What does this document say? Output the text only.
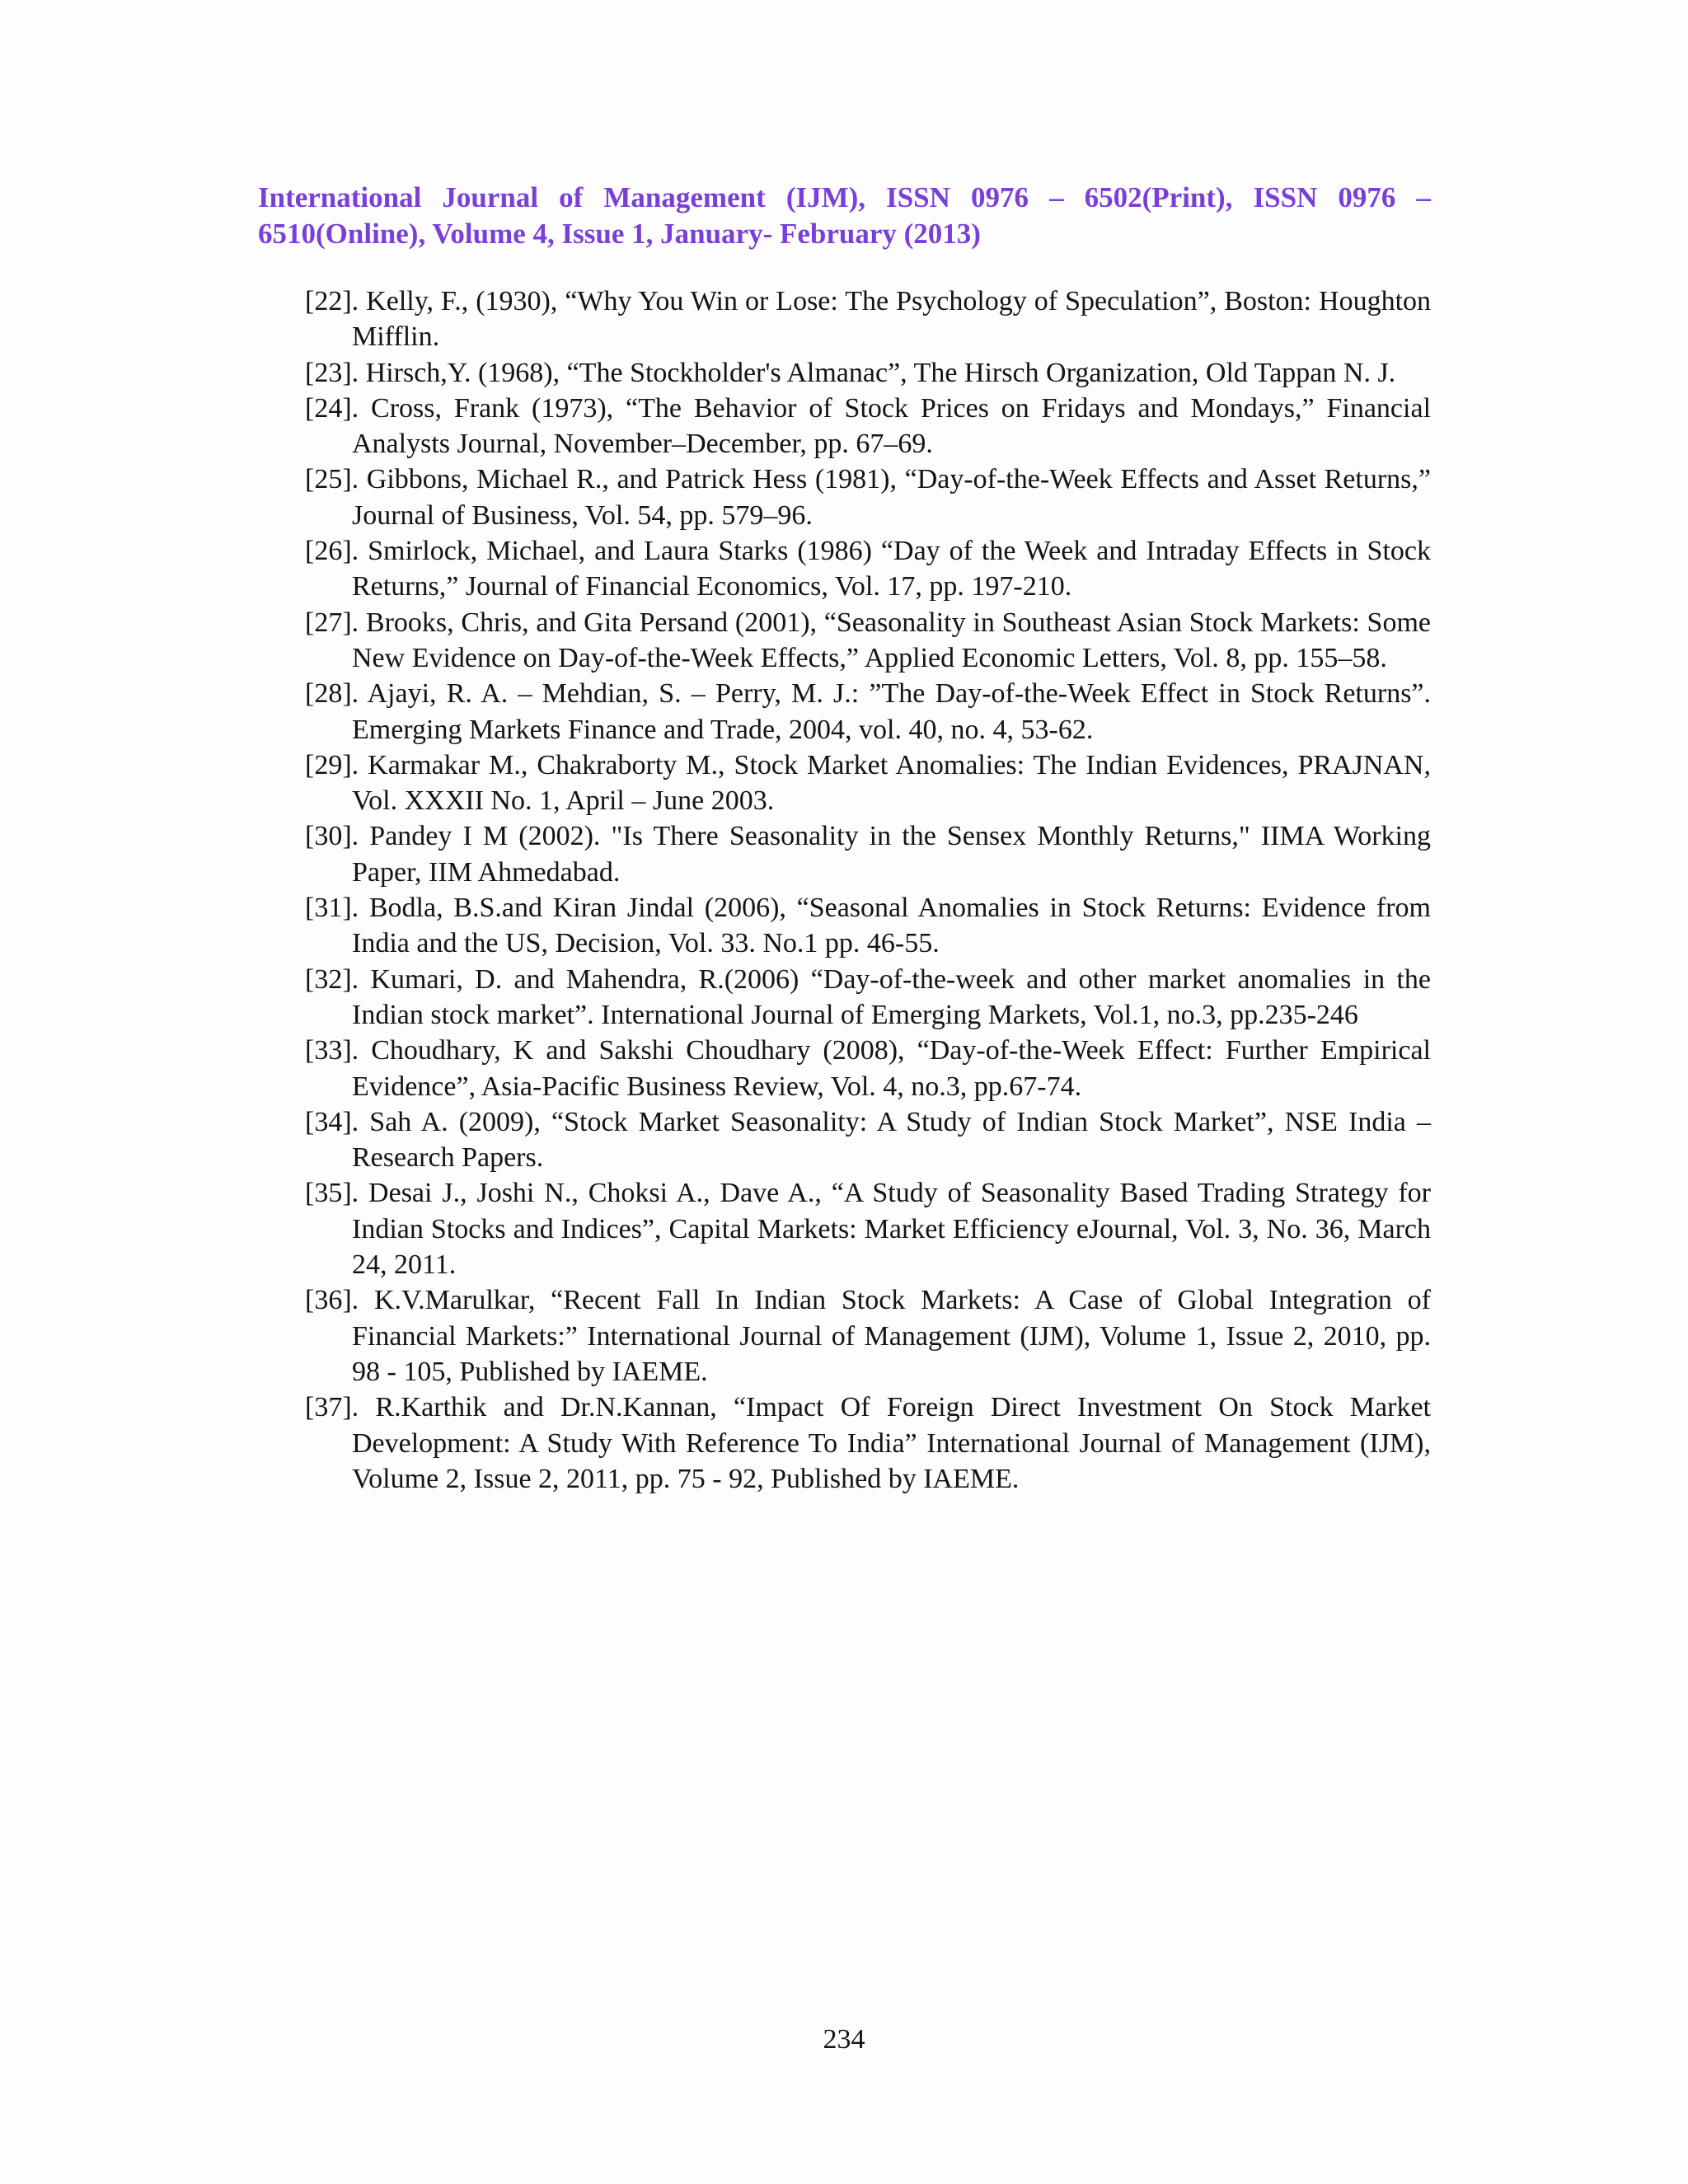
International Journal of Management (IJM), ISSN 0976 – 6502(Print), ISSN 0976 –
6510(Online), Volume 4, Issue 1, January- February (2013)
[22]. Kelly, F., (1930), “Why You Win or Lose: The Psychology of Speculation”, Boston: Houghton Mifflin.
[23]. Hirsch,Y. (1968), “The Stockholder's Almanac”, The Hirsch Organization, Old Tappan N. J.
[24]. Cross, Frank (1973), “The Behavior of Stock Prices on Fridays and Mondays,” Financial Analysts Journal, November–December, pp. 67–69.
[25]. Gibbons, Michael R., and Patrick Hess (1981), “Day-of-the-Week Effects and Asset Returns,” Journal of Business, Vol. 54, pp. 579–96.
[26]. Smirlock, Michael, and Laura Starks (1986) “Day of the Week and Intraday Effects in Stock Returns,” Journal of Financial Economics, Vol. 17, pp. 197-210.
[27]. Brooks, Chris, and Gita Persand (2001), “Seasonality in Southeast Asian Stock Markets: Some New Evidence on Day-of-the-Week Effects,” Applied Economic Letters, Vol. 8, pp. 155–58.
[28]. Ajayi, R. A. – Mehdian, S. – Perry, M. J.: ”The Day-of-the-Week Effect in Stock Returns”. Emerging Markets Finance and Trade, 2004, vol. 40, no. 4, 53-62.
[29]. Karmakar M., Chakraborty M., Stock Market Anomalies: The Indian Evidences, PRAJNAN, Vol. XXXII No. 1, April – June 2003.
[30]. Pandey I M (2002). "Is There Seasonality in the Sensex Monthly Returns," IIMA Working Paper, IIM Ahmedabad.
[31]. Bodla, B.S.and Kiran Jindal (2006), “Seasonal Anomalies in Stock Returns: Evidence from India and the US, Decision, Vol. 33. No.1 pp. 46-55.
[32]. Kumari, D. and Mahendra, R.(2006) “Day-of-the-week and other market anomalies in the Indian stock market”. International Journal of Emerging Markets, Vol.1, no.3, pp.235-246
[33]. Choudhary, K and Sakshi Choudhary (2008), “Day-of-the-Week Effect: Further Empirical Evidence”, Asia-Pacific Business Review, Vol. 4, no.3, pp.67-74.
[34]. Sah A. (2009), “Stock Market Seasonality: A Study of Indian Stock Market”, NSE India – Research Papers.
[35]. Desai J., Joshi N., Choksi A., Dave A., “A Study of Seasonality Based Trading Strategy for Indian Stocks and Indices”, Capital Markets: Market Efficiency eJournal, Vol. 3, No. 36, March 24, 2011.
[36]. K.V.Marulkar, “Recent Fall In Indian Stock Markets: A Case of Global Integration of Financial Markets:” International Journal of Management (IJM), Volume 1, Issue 2, 2010, pp. 98 - 105, Published by IAEME.
[37]. R.Karthik and Dr.N.Kannan, “Impact Of Foreign Direct Investment On Stock Market Development: A Study With Reference To India” International Journal of Management (IJM), Volume 2, Issue 2, 2011, pp. 75 - 92, Published by IAEME.
234
